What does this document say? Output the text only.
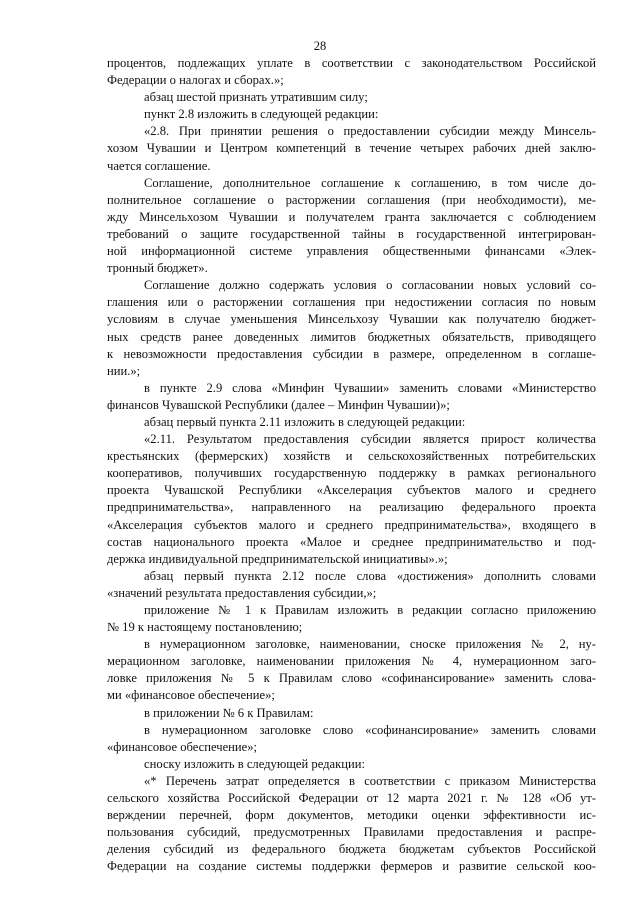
28
процентов, подлежащих уплате в соответствии с законодательством Российской
Федерации о налогах и сборах.»;
абзац шестой признать утратившим силу;
пункт 2.8 изложить в следующей редакции:
«2.8. При принятии решения о предоставлении субсидии между Минсель-
хозом Чувашии и Центром компетенций в течение четырех рабочих дней заклю-
чается соглашение.
Соглашение, дополнительное соглашение к соглашению, в том числе до-
полнительное соглашение о расторжении соглашения (при необходимости), ме-
жду Минсельхозом Чувашии и получателем гранта заключается с соблюдением
требований о защите государственной тайны в государственной интегрирован-
ной информационной системе управления общественными финансами «Элек-
тронный бюджет».
Соглашение должно содержать условия о согласовании новых условий со-
глашения или о расторжении соглашения при недостижении согласия по новым
условиям в случае уменьшения Минсельхозу Чувашии как получателю бюджет-
ных средств ранее доведенных лимитов бюджетных обязательств, приводящего
к невозможности предоставления субсидии в размере, определенном в соглаше-
нии.»;
в пункте 2.9 слова «Минфин Чувашии» заменить словами «Министерство
финансов Чувашской Республики (далее – Минфин Чувашии)»;
абзац первый пункта 2.11 изложить в следующей редакции:
«2.11. Результатом предоставления субсидии является прирост количества
крестьянских (фермерских) хозяйств и сельскохозяйственных потребительских
кооперативов, получивших государственную поддержку в рамках регионального
проекта Чувашской Республики «Акселерация субъектов малого и среднего
предпринимательства», направленного на реализацию федерального проекта
«Акселерация субъектов малого и среднего предпринимательства», входящего в
состав национального проекта «Малое и среднее предпринимательство и под-
держка индивидуальной предпринимательской инициативы».»;
абзац первый пункта 2.12 после слова «достижения» дополнить словами
«значений результата предоставления субсидии,»;
приложение № 1 к Правилам изложить в редакции согласно приложению
№ 19 к настоящему постановлению;
в нумерационном заголовке, наименовании, сноске приложения № 2, ну-
мерационном заголовке, наименовании приложения № 4, нумерационном заго-
ловке приложения № 5 к Правилам слово «софинансирование» заменить слова-
ми «финансовое обеспечение»;
в приложении № 6 к Правилам:
в нумерационном заголовке слово «софинансирование» заменить словами
«финансовое обеспечение»;
сноску изложить в следующей редакции:
«* Перечень затрат определяется в соответствии с приказом Министерства
сельского хозяйства Российской Федерации от 12 марта 2021 г. № 128 «Об ут-
верждении перечней, форм документов, методики оценки эффективности ис-
пользования субсидий, предусмотренных Правилами предоставления и распре-
деления субсидий из федерального бюджета бюджетам субъектов Российской
Федерации на создание системы поддержки фермеров и развитие сельской коо-
